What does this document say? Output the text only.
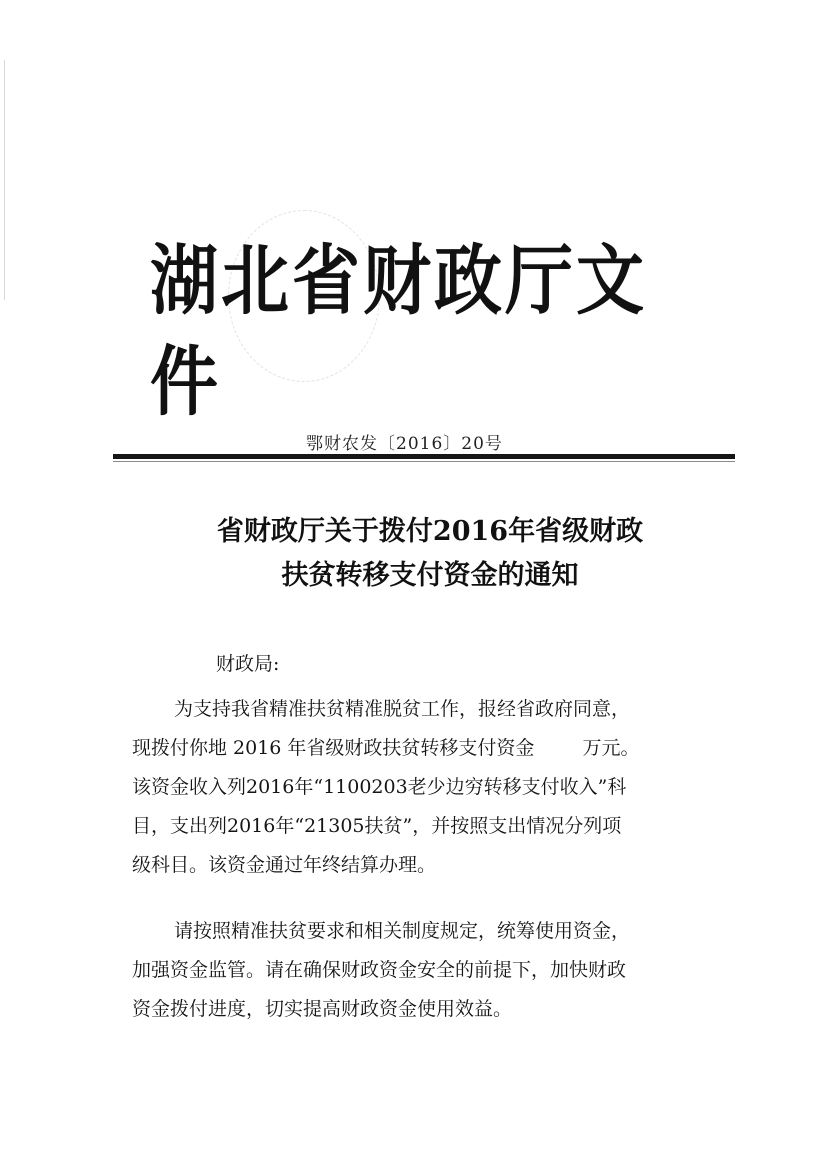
湖北省财政厅文件
鄂财农发〔2016〕20号
省财政厅关于拨付2016年省级财政
扶贫转移支付资金的通知
财政局:
为支持我省精准扶贫精准脱贫工作，报经省政府同意，
现拨付你地 2016 年省级财政扶贫转移支付资金	万元。
该资金收入列2016年“1100203老少边穷转移支付收入”科
目，支出列2016年“21305扶贫”，并按照支出情况分列项
级科目。该资金通过年终结算办理。
请按照精准扶贫要求和相关制度规定，统筹使用资金，
加强资金监管。请在确保财政资金安全的前提下，加快财政
资金拨付进度，切实提高财政资金使用效益。
